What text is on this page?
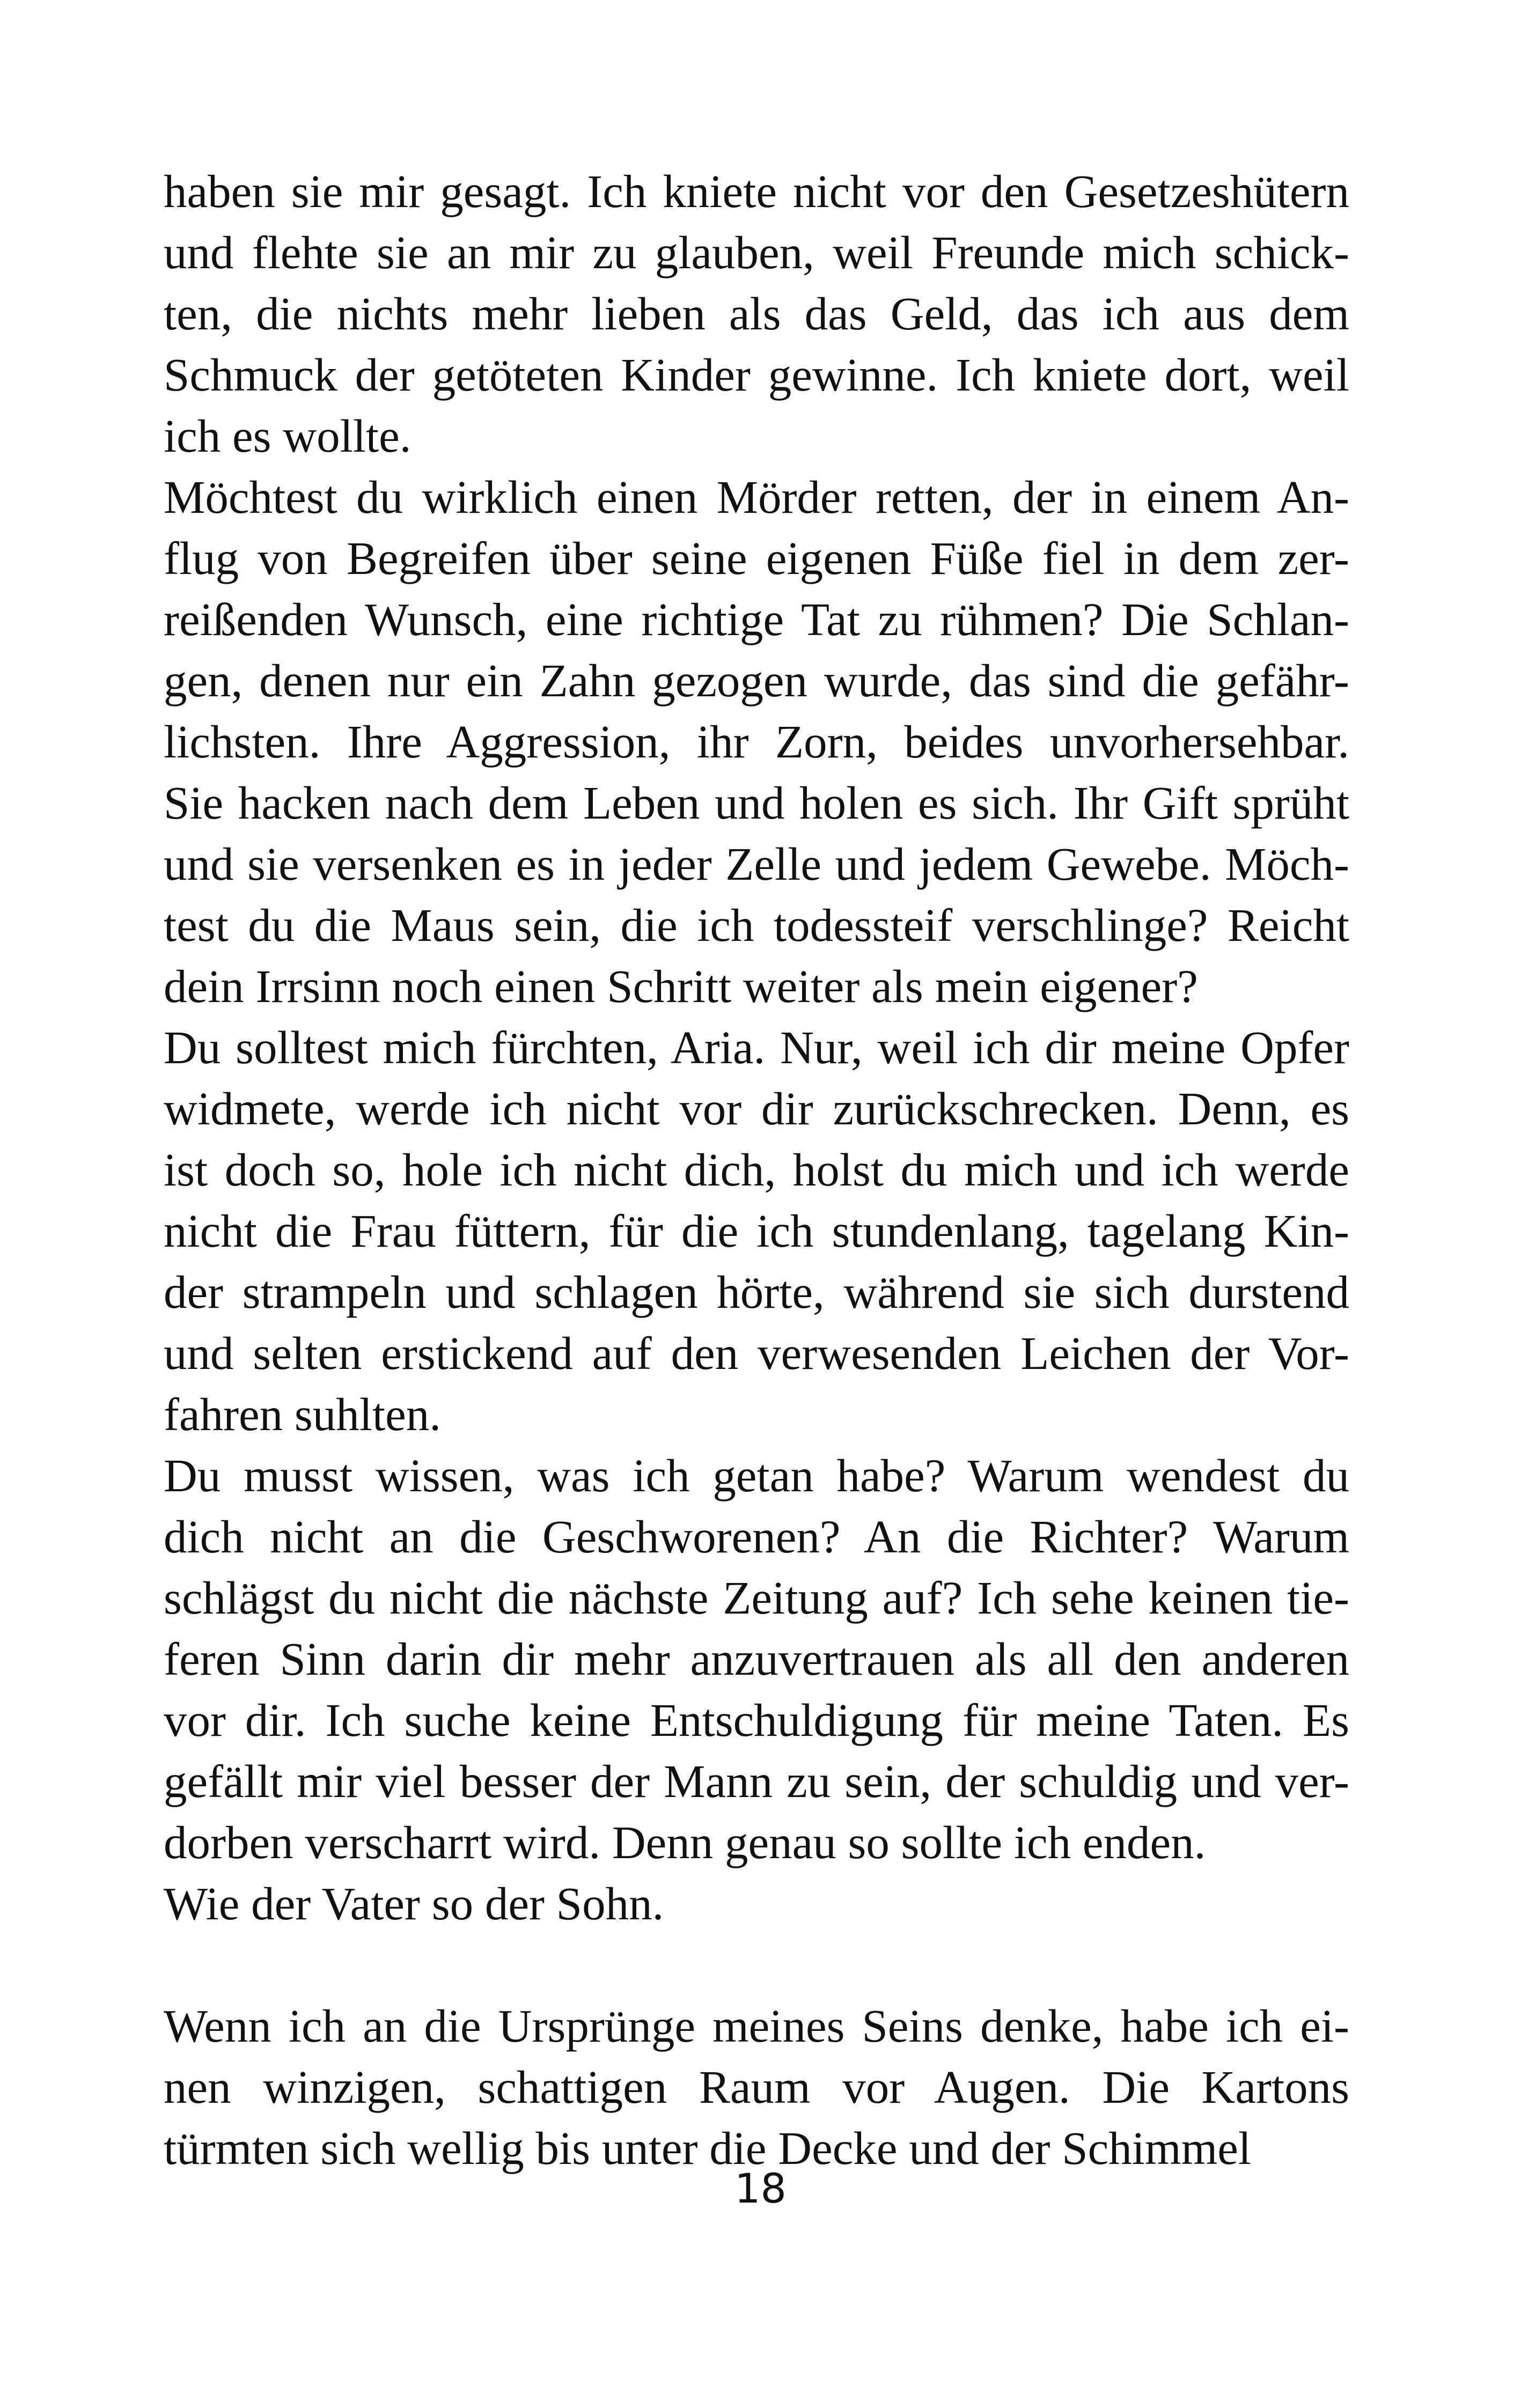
haben sie mir gesagt. Ich kniete nicht vor den Gesetzeshütern
und flehte sie an mir zu glauben, weil Freunde mich schick-
ten, die nichts mehr lieben als das Geld, das ich aus dem
Schmuck der getöteten Kinder gewinne. Ich kniete dort, weil
ich es wollte.
Möchtest du wirklich einen Mörder retten, der in einem An-
flug von Begreifen über seine eigenen Füße fiel in dem zer-
reißenden Wunsch, eine richtige Tat zu rühmen? Die Schlan-
gen, denen nur ein Zahn gezogen wurde, das sind die gefähr-
lichsten. Ihre Aggression, ihr Zorn, beides unvorhersehbar.
Sie hacken nach dem Leben und holen es sich. Ihr Gift sprüht
und sie versenken es in jeder Zelle und jedem Gewebe. Möch-
test du die Maus sein, die ich todessteif verschlinge? Reicht
dein Irrsinn noch einen Schritt weiter als mein eigener?
Du solltest mich fürchten, Aria. Nur, weil ich dir meine Opfer
widmete, werde ich nicht vor dir zurückschrecken. Denn, es
ist doch so, hole ich nicht dich, holst du mich und ich werde
nicht die Frau füttern, für die ich stundenlang, tagelang Kin-
der strampeln und schlagen hörte, während sie sich durstend
und selten erstickend auf den verwesenden Leichen der Vor-
fahren suhlten.
Du musst wissen, was ich getan habe? Warum wendest du
dich nicht an die Geschworenen? An die Richter? Warum
schlägst du nicht die nächste Zeitung auf? Ich sehe keinen tie-
feren Sinn darin dir mehr anzuvertrauen als all den anderen
vor dir. Ich suche keine Entschuldigung für meine Taten. Es
gefällt mir viel besser der Mann zu sein, der schuldig und ver-
dorben verscharrt wird. Denn genau so sollte ich enden.
Wie der Vater so der Sohn.
Wenn ich an die Ursprünge meines Seins denke, habe ich ei-
nen winzigen, schattigen Raum vor Augen. Die Kartons
türmten sich wellig bis unter die Decke und der Schimmel
18
